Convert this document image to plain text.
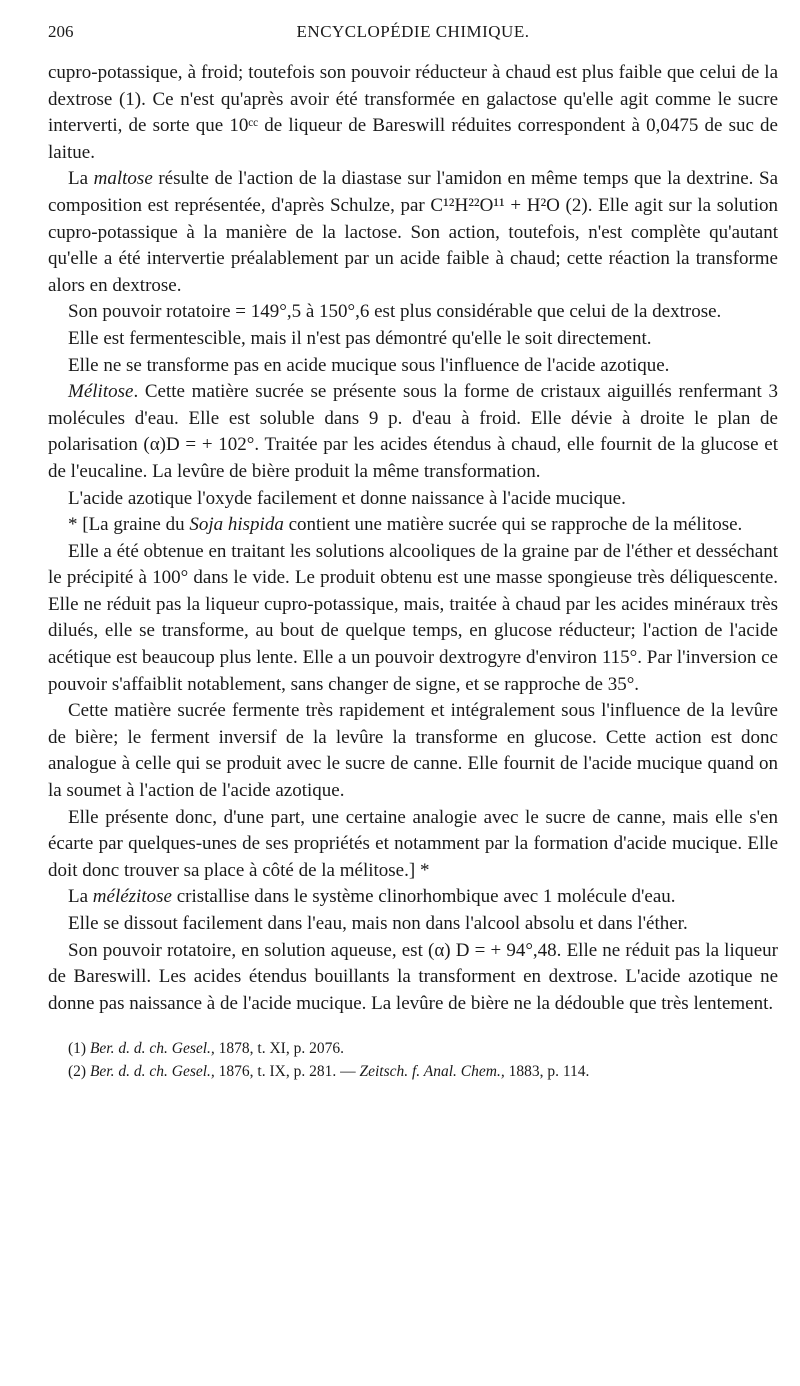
206	ENCYCLOPÉDIE CHIMIQUE.

cupro-potassique, à froid; toutefois son pouvoir réducteur à chaud est plus faible que celui de la dextrose (1). Ce n'est qu'après avoir été transformée en galactose qu'elle agit comme le sucre interverti, de sorte que 10ᶜᶜ de liqueur de Bareswill réduites correspondent à 0,0475 de suc de laitue.

La maltose résulte de l'action de la diastase sur l'amidon en même temps que la dextrine. Sa composition est représentée, d'après Schulze, par C¹²H²²O¹¹ + H²O (2). Elle agit sur la solution cupro-potassique à la manière de la lactose. Son action, toutefois, n'est complète qu'autant qu'elle a été intervertie préalablement par un acide faible à chaud; cette réaction la transforme alors en dextrose.

Son pouvoir rotatoire = 149°,5 à 150°,6 est plus considérable que celui de la dextrose.

Elle est fermentescible, mais il n'est pas démontré qu'elle le soit directement.

Elle ne se transforme pas en acide mucique sous l'influence de l'acide azotique.

Mélitose. Cette matière sucrée se présente sous la forme de cristaux aiguillés renfermant 3 molécules d'eau. Elle est soluble dans 9 p. d'eau à froid. Elle dévie à droite le plan de polarisation (α)D = + 102°. Traitée par les acides étendus à chaud, elle fournit de la glucose et de l'eucaline. La levûre de bière produit la même transformation.

L'acide azotique l'oxyde facilement et donne naissance à l'acide mucique.

* [La graine du Soja hispida contient une matière sucrée qui se rapproche de la mélitose.

Elle a été obtenue en traitant les solutions alcooliques de la graine par de l'éther et desséchant le précipité à 100° dans le vide. Le produit obtenu est une masse spongieuse très déliquescente. Elle ne réduit pas la liqueur cupro-potassique, mais, traitée à chaud par les acides minéraux très dilués, elle se transforme, au bout de quelque temps, en glucose réducteur; l'action de l'acide acétique est beaucoup plus lente. Elle a un pouvoir dextrogyre d'environ 115°. Par l'inversion ce pouvoir s'affaiblit notablement, sans changer de signe, et se rapproche de 35°.

Cette matière sucrée fermente très rapidement et intégralement sous l'influence de la levûre de bière; le ferment inversif de la levûre la transforme en glucose. Cette action est donc analogue à celle qui se produit avec le sucre de canne. Elle fournit de l'acide mucique quand on la soumet à l'action de l'acide azotique.

Elle présente donc, d'une part, une certaine analogie avec le sucre de canne, mais elle s'en écarte par quelques-unes de ses propriétés et notamment par la formation d'acide mucique. Elle doit donc trouver sa place à côté de la mélitose.] *

La mélézitose cristallise dans le système clinorhombique avec 1 molécule d'eau.

Elle se dissout facilement dans l'eau, mais non dans l'alcool absolu et dans l'éther.

Son pouvoir rotatoire, en solution aqueuse, est (α) D = + 94°,48. Elle ne réduit pas la liqueur de Bareswill. Les acides étendus bouillants la transforment en dextrose. L'acide azotique ne donne pas naissance à de l'acide mucique. La levûre de bière ne la dédouble que très lentement.

(1) Ber. d. d. ch. Gesel., 1878, t. XI, p. 2076.
(2) Ber. d. d. ch. Gesel., 1876, t. IX, p. 281. — Zeitsch. f. Anal. Chem., 1883, p. 114.
